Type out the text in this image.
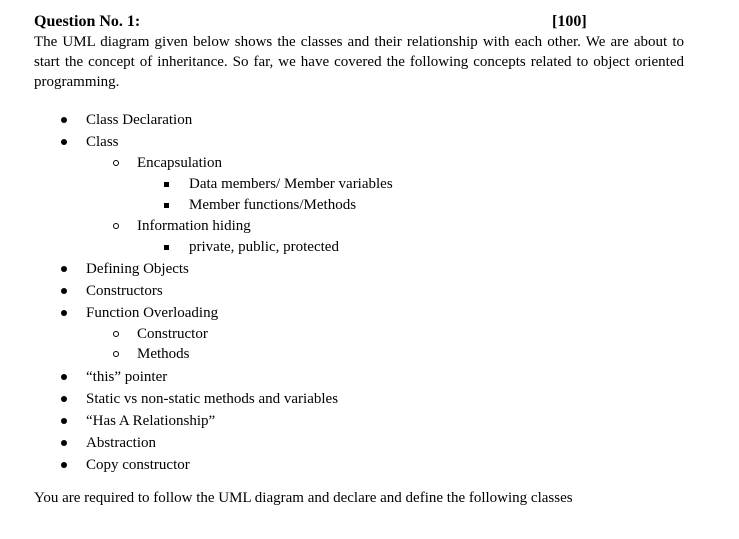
Question No. 1:	[100]

The UML diagram given below shows the classes and their relationship with each other. We are about to start the concept of inheritance. So far, we have covered the following concepts related to object oriented programming.

Class Declaration
Class
Encapsulation
Data members/ Member variables
Member functions/Methods
Information hiding
private, public, protected
Defining Objects
Constructors
Function Overloading
Constructor
Methods
“this” pointer
Static vs non-static methods and variables
“Has A Relationship”
Abstraction
Copy constructor
You are required to follow the UML diagram and declare and define the following classes
